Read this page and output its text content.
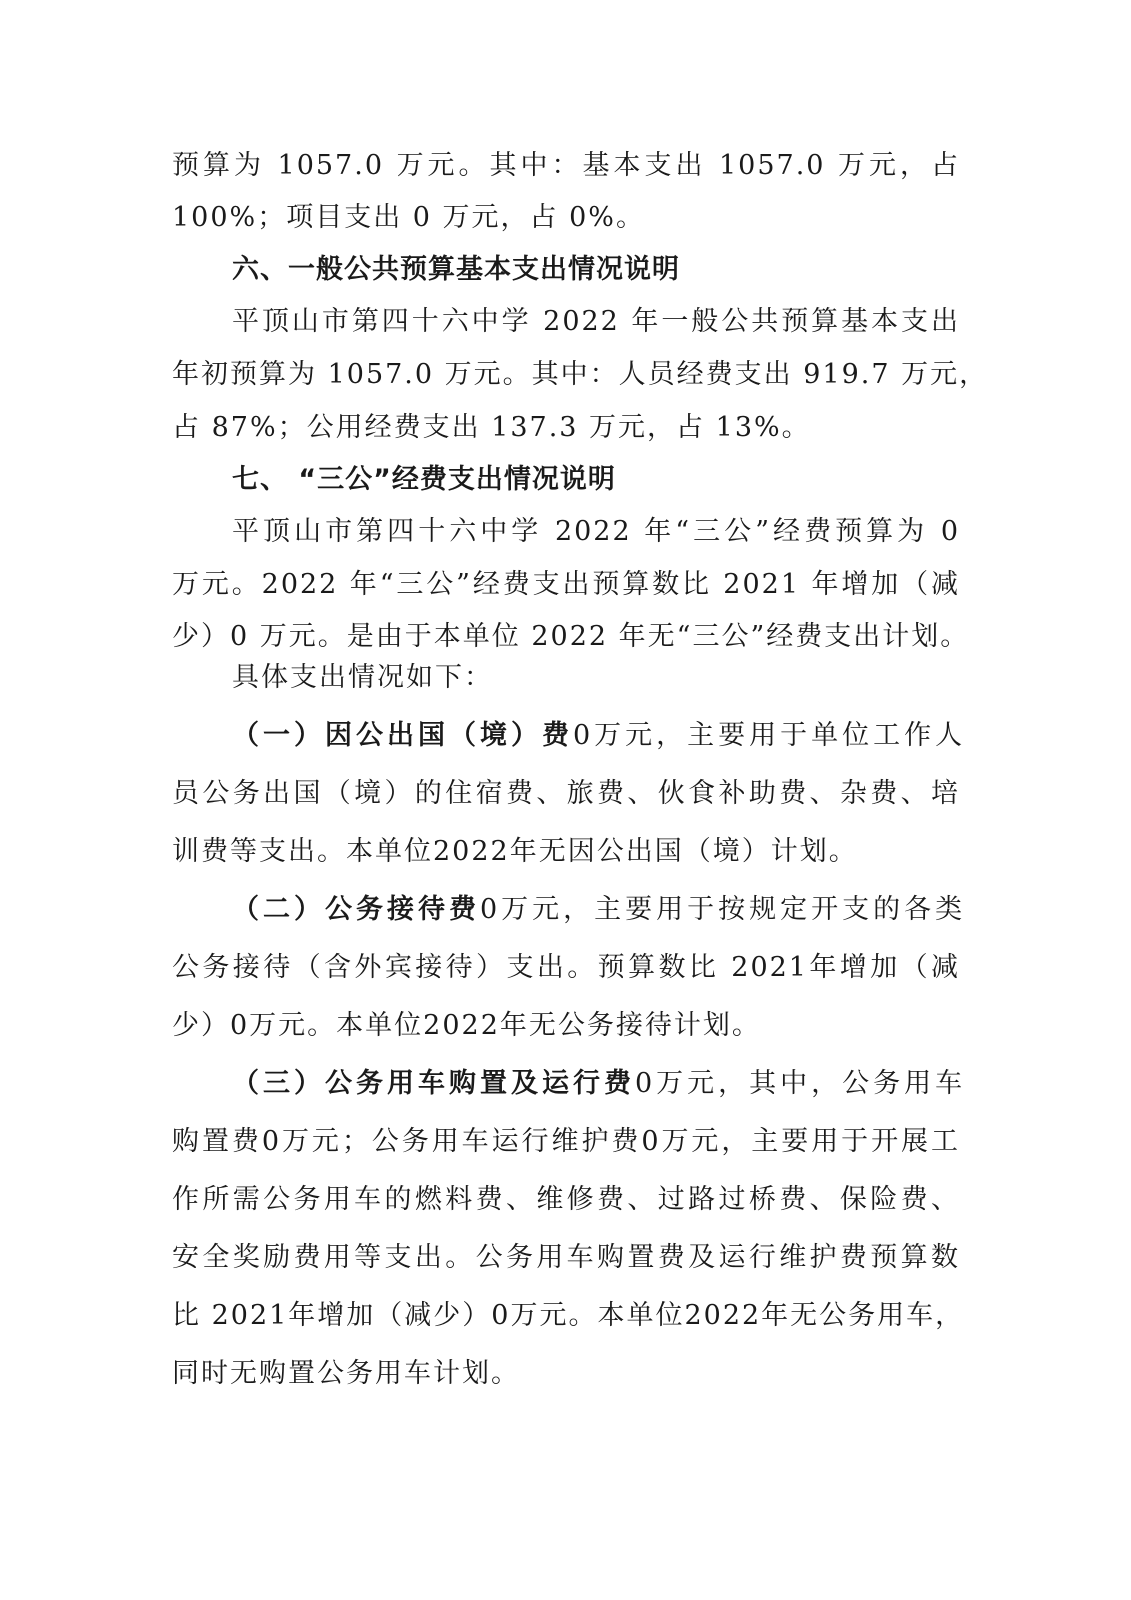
预算为 1057.0 万元。其中：基本支出 1057.0 万元，占
100%；项目支出 0 万元，占 0%。
六、一般公共预算基本支出情况说明
平顶山市第四十六中学 2022 年一般公共预算基本支出
年初预算为 1057.0 万元。其中：人员经费支出 919.7 万元，
占 87%；公用经费支出 137.3 万元，占 13%。
七、 “三公”经费支出情况说明
平顶山市第四十六中学 2022 年“三公”经费预算为 0
万元。2022 年“三公”经费支出预算数比 2021 年增加（减
少）0 万元。是由于本单位 2022 年无“三公”经费支出计划。
具体支出情况如下：
（一）因公出国（境）费0万元，主要用于单位工作人
员公务出国（境）的住宿费、旅费、伙食补助费、杂费、培
训费等支出。本单位2022年无因公出国（境）计划。
（二）公务接待费0万元，主要用于按规定开支的各类
公务接待（含外宾接待）支出。预算数比 2021年增加（减
少）0万元。本单位2022年无公务接待计划。
（三）公务用车购置及运行费0万元，其中，公务用车
购置费0万元；公务用车运行维护费0万元，主要用于开展工
作所需公务用车的燃料费、维修费、过路过桥费、保险费、
安全奖励费用等支出。公务用车购置费及运行维护费预算数
比 2021年增加（减少）0万元。本单位2022年无公务用车，
同时无购置公务用车计划。
